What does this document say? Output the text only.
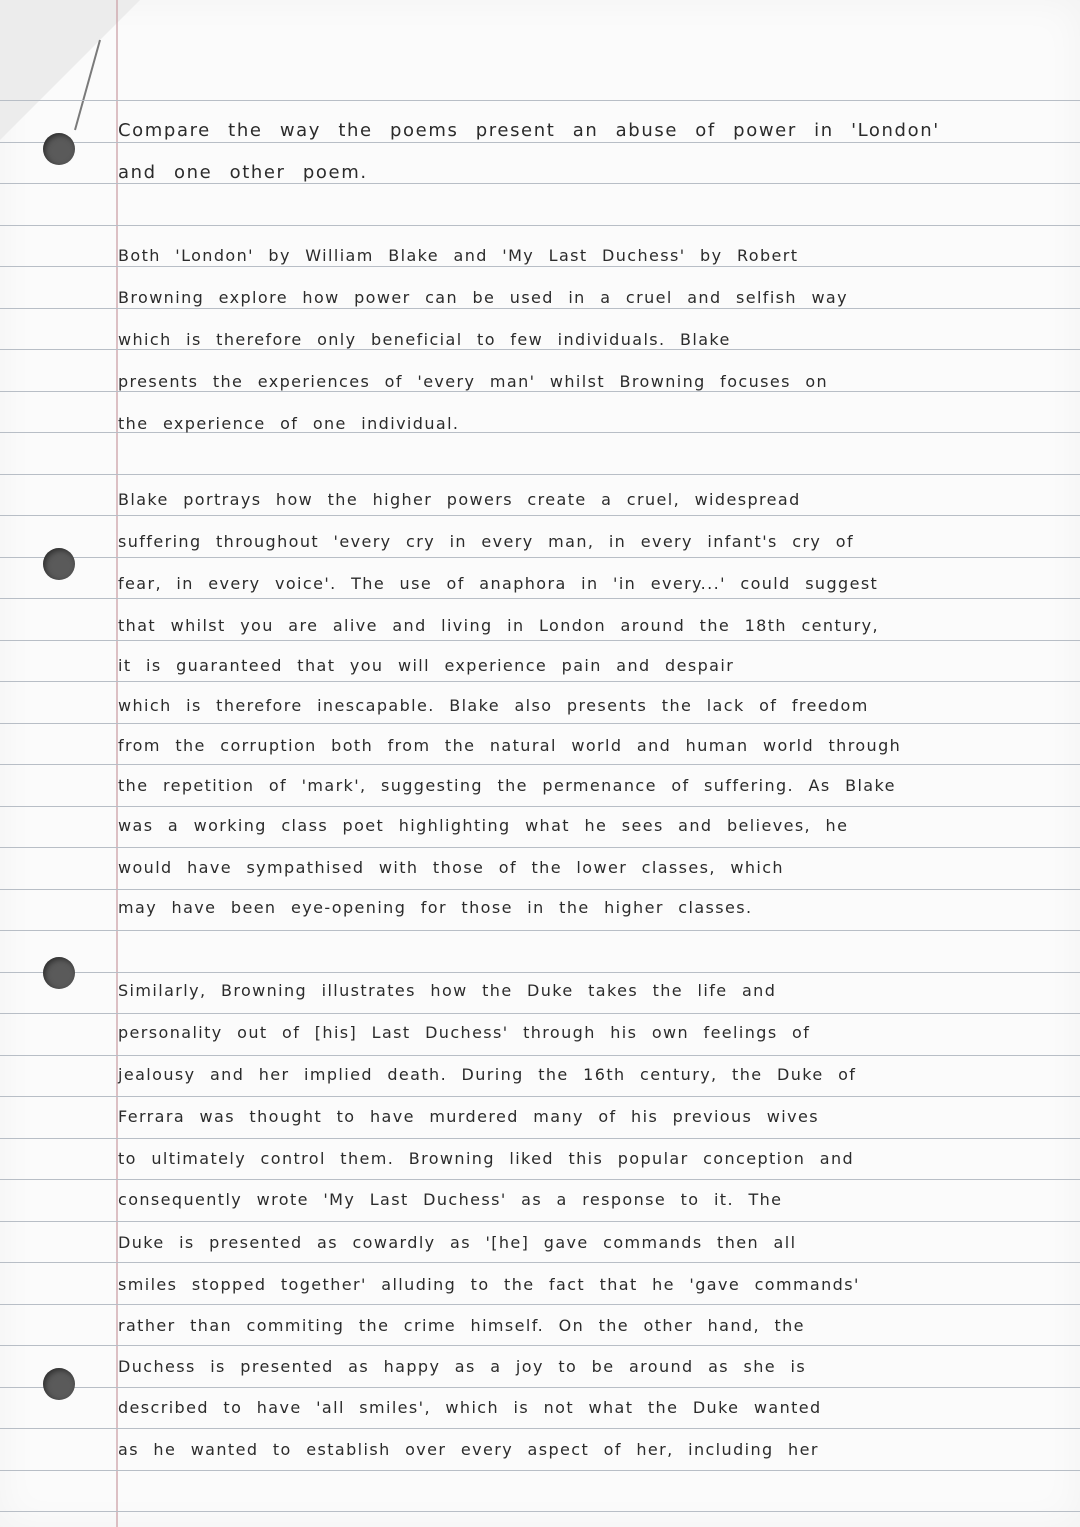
Compare the way the poems present an abuse of power in 'London'
and one other poem.
Both 'London' by William Blake and 'My Last Duchess' by Robert
Browning explore how power can be used in a cruel and selfish way
which is therefore only beneficial to few individuals. Blake
presents the experiences of 'every man' whilst Browning focuses on
the experience of one individual.
Blake portrays how the higher powers create a cruel, widespread
suffering throughout 'every cry in every man, in every infant's cry of
fear, in every voice'. The use of anaphora in 'in every...' could suggest
that whilst you are alive and living in London around the 18th century,
it is guaranteed that you will experience pain and despair
which is therefore inescapable. Blake also presents the lack of freedom
from the corruption both from the natural world and human world through
the repetition of 'mark', suggesting the permenance of suffering. As Blake
was a working class poet highlighting what he sees and believes, he
would have sympathised with those of the lower classes, which
may have been eye-opening for those in the higher classes.
Similarly, Browning illustrates how the Duke takes the life and
personality out of [his] Last Duchess' through his own feelings of
jealousy and her implied death. During the 16th century, the Duke of
Ferrara was thought to have murdered many of his previous wives
to ultimately control them. Browning liked this popular conception and
consequently wrote 'My Last Duchess' as a response to it. The
Duke is presented as cowardly as '[he] gave commands then all
smiles stopped together' alluding to the fact that he 'gave commands'
rather than commiting the crime himself. On the other hand, the
Duchess is presented as happy as a joy to be around as she is
described to have 'all smiles', which is not what the Duke wanted
as he wanted to establish over every aspect of her, including her
